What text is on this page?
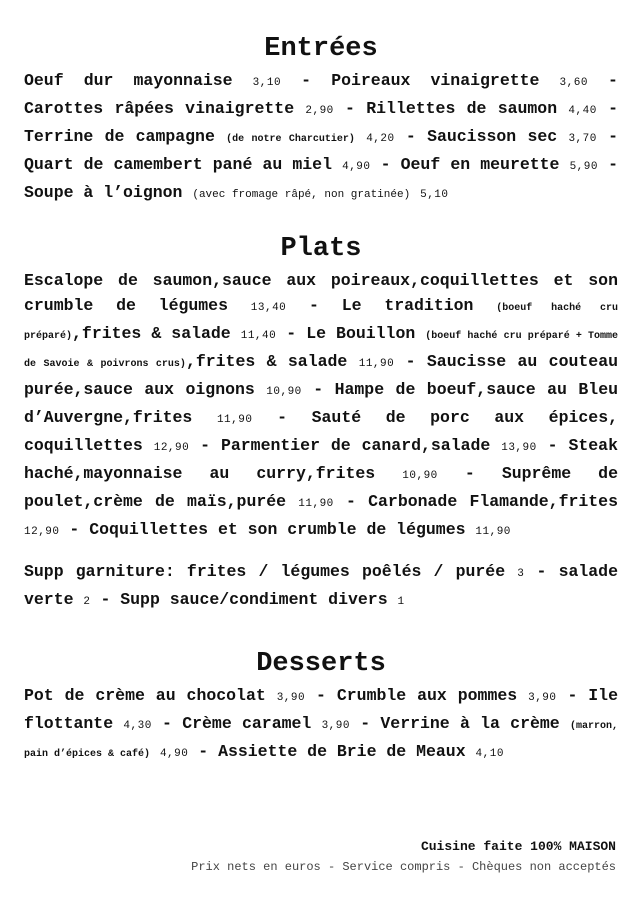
Entrées

Oeuf dur mayonnaise 3,10 - Poireaux vinaigrette 3,60 - Carottes râpées vinaigrette 2,90 - Rillettes de saumon 4,40 - Terrine de campagne (de notre Charcutier) 4,20 - Saucisson sec 3,70 - Quart de camembert pané au miel 4,90 - Oeuf en meurette 5,90 - Soupe à l’oignon (avec fromage râpé, non gratinée) 5,10

Plats

Escalope de saumon,sauce aux poireaux,coquillettes et son crumble de légumes 13,40 - Le tradition (boeuf haché cru préparé),frites & salade 11,40 - Le Bouillon (boeuf haché cru préparé + Tomme de Savoie & poivrons crus),frites & salade 11,90 - Saucisse au couteau purée,sauce aux oignons 10,90 - Hampe de boeuf,sauce au Bleu d’Auvergne,frites 11,90 - Sauté de porc aux épices, coquillettes 12,90 - Parmentier de canard,salade 13,90 - Steak haché,mayonnaise au curry,frites 10,90 - Suprême de poulet,crème de maïs,purée 11,90 - Carbonade Flamande,frites 12,90 - Coquillettes et son crumble de légumes 11,90

Supp garniture: frites / légumes poêlés / purée 3 - salade verte 2 - Supp sauce/condiment divers 1

Desserts

Pot de crème au chocolat 3,90 - Crumble aux pommes 3,90 - Ile flottante 4,30 - Crème caramel 3,90 - Verrine à la crème (marron, pain d’épices & café) 4,90 - Assiette de Brie de Meaux 4,10

Cuisine faite 100% MAISON
Prix nets en euros - Service compris - Chèques non acceptés
